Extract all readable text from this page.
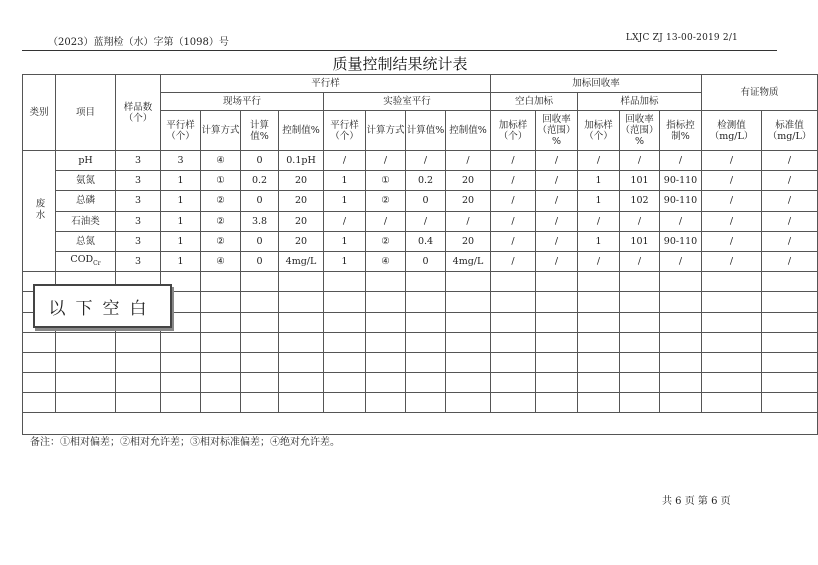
（2023）蓝翔检（水）字第（1098）号	LXJC ZJ 13-00-2019 2/1
质量控制结果统计表
类别	项目	样品数（个）	平行样								加标回收率					有证物质	
			现场平行				实验室平行				空白加标		样品加标				
			平行样（个）	计算方式	计算值%	控制值%	平行样（个）	计算方式	计算值%	控制值%	加标样（个）	回收率（范围）%	加标样（个）	回收率（范围）%	指标控制%	检测值（mg/L）	标准值（mg/L）

废水	pH	3	3	④	0	0.1pH	/	/	/	/	/	/	/	/	/	/	/
	氨氮	3	1	①	0.2	20	1	①	0.2	20	/	/	1	101	90-110	/	/
	总磷	3	1	②	0	20	1	②	0	20	/	/	1	102	90-110	/	/
	石油类	3	1	②	3.8	20	/	/	/	/	/	/	/	/	/	/	/
	总氮	3	1	②	0	20	1	②	0.4	20	/	/	1	101	90-110	/	/
	$COD_{Cr}$	3	1	④	0	4mg/L	1	④	0	4mg/L	/	/	/	/	/	/	/

以下空白
备注：①相对偏差；②相对允许差；③相对标准偏差；④绝对允许差。
共 6 页 第 6 页
